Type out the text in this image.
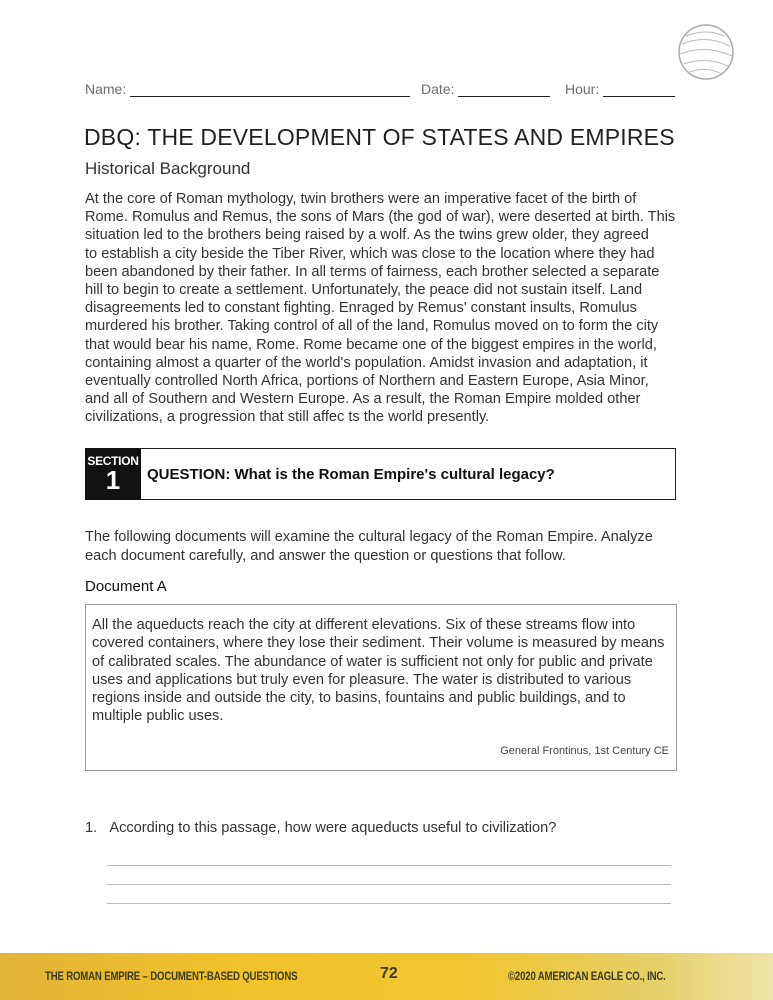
Name:	Date:	Hour:
DBQ: THE DEVELOPMENT OF STATES AND EMPIRES
Historical Background
At the core of Roman mythology, twin brothers were an imperative facet of the birth of
Rome. Romulus and Remus, the sons of Mars (the god of war), were deserted at birth. This
situation led to the brothers being raised by a wolf. As the twins grew older, they agreed
to establish a city beside the Tiber River, which was close to the location where they had
been abandoned by their father. In all terms of fairness, each brother selected a separate
hill to begin to create a settlement. Unfortunately, the peace did not sustain itself. Land
disagreements led to constant fighting. Enraged by Remus' constant insults, Romulus
murdered his brother. Taking control of all of the land, Romulus moved on to form the city
that would bear his name, Rome. Rome became one of the biggest empires in the world,
containing almost a quarter of the world's population. Amidst invasion and adaptation, it
eventually controlled North Africa, portions of Northern and Eastern Europe, Asia Minor,
and all of Southern and Western Europe. As a result, the Roman Empire molded other
civilizations, a progression that still affec ts the world presently.
SECTION
1	QUESTION: What is the Roman Empire's cultural legacy?
The following documents will examine the cultural legacy of the Roman Empire. Analyze
each document carefully, and answer the question or questions that follow.
Document A
All the aqueducts reach the city at different elevations. Six of these streams flow into
covered containers, where they lose their sediment. Their volume is measured by means
of calibrated scales. The abundance of water is sufficient not only for public and private
uses and applications but truly even for pleasure. The water is distributed to various
regions inside and outside the city, to basins, fountains and public buildings, and to
multiple public uses.
General Frontinus, 1st Century CE
1. According to this passage, how were aqueducts useful to civilization?
THE ROMAN EMPIRE – DOCUMENT-BASED QUESTIONS	72	©2020 AMERICAN EAGLE CO., INC.
